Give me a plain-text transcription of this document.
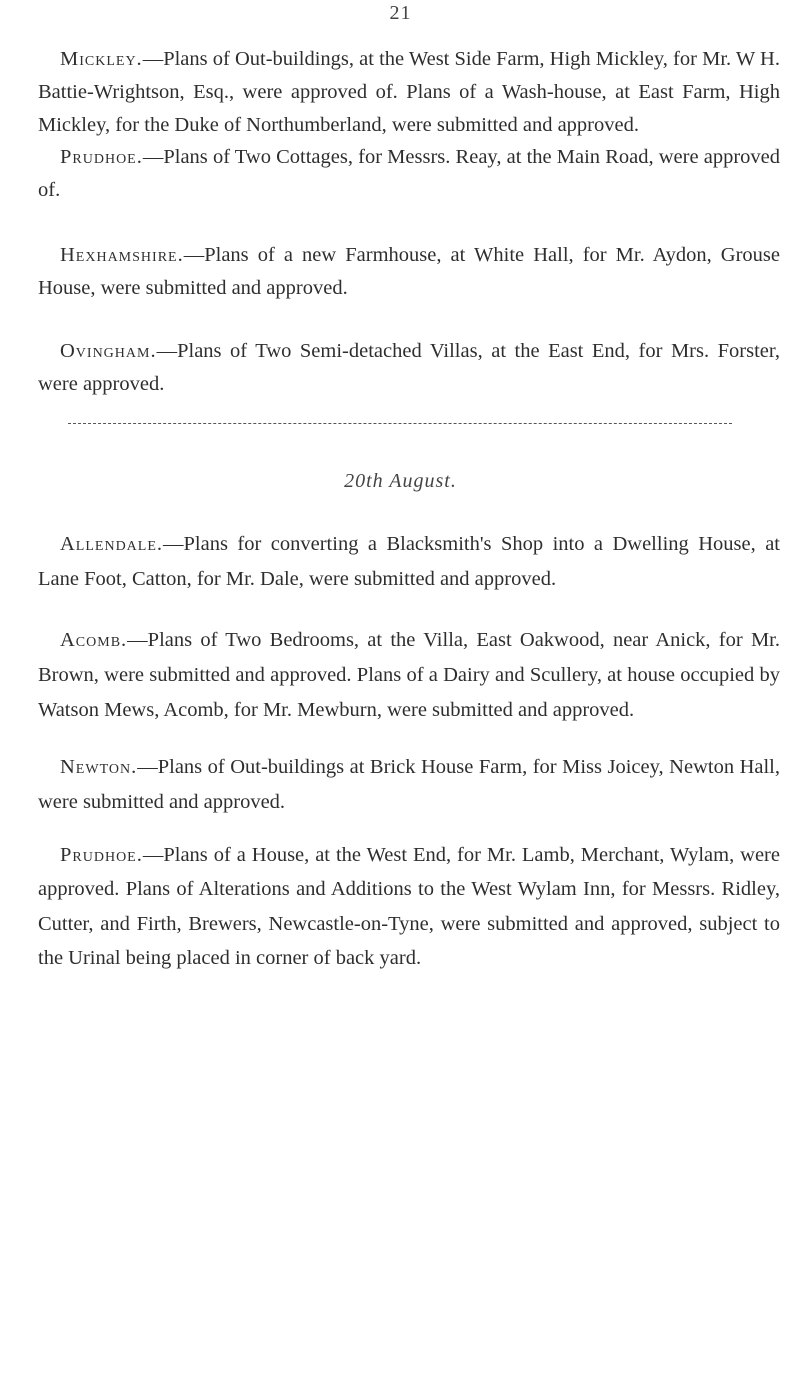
21

Mickley.—Plans of Out-buildings, at the West Side Farm, High Mickley, for Mr. W H. Battie-Wrightson, Esq., were approved of. Plans of a Wash-house, at East Farm, High Mickley, for the Duke of Northumberland, were submitted and approved.

Prudhoe.—Plans of Two Cottages, for Messrs. Reay, at the Main Road, were approved of.

Hexhamshire.—Plans of a new Farmhouse, at White Hall, for Mr. Aydon, Grouse House, were submitted and approved.

Ovingham.—Plans of Two Semi-detached Villas, at the East End, for Mrs. Forster, were approved.

20th August.

Allendale.—Plans for converting a Blacksmith's Shop into a Dwelling House, at Lane Foot, Catton, for Mr. Dale, were submitted and approved.

Acomb.—Plans of Two Bedrooms, at the Villa, East Oakwood, near Anick, for Mr. Brown, were submitted and approved. Plans of a Dairy and Scullery, at house occupied by Watson Mews, Acomb, for Mr. Mewburn, were submitted and approved.

Newton.—Plans of Out-buildings at Brick House Farm, for Miss Joicey, Newton Hall, were submitted and approved.

Prudhoe.—Plans of a House, at the West End, for Mr. Lamb, Merchant, Wylam, were approved. Plans of Alterations and Additions to the West Wylam Inn, for Messrs. Ridley, Cutter, and Firth, Brewers, Newcastle-on-Tyne, were submitted and approved, subject to the Urinal being placed in corner of back yard.
